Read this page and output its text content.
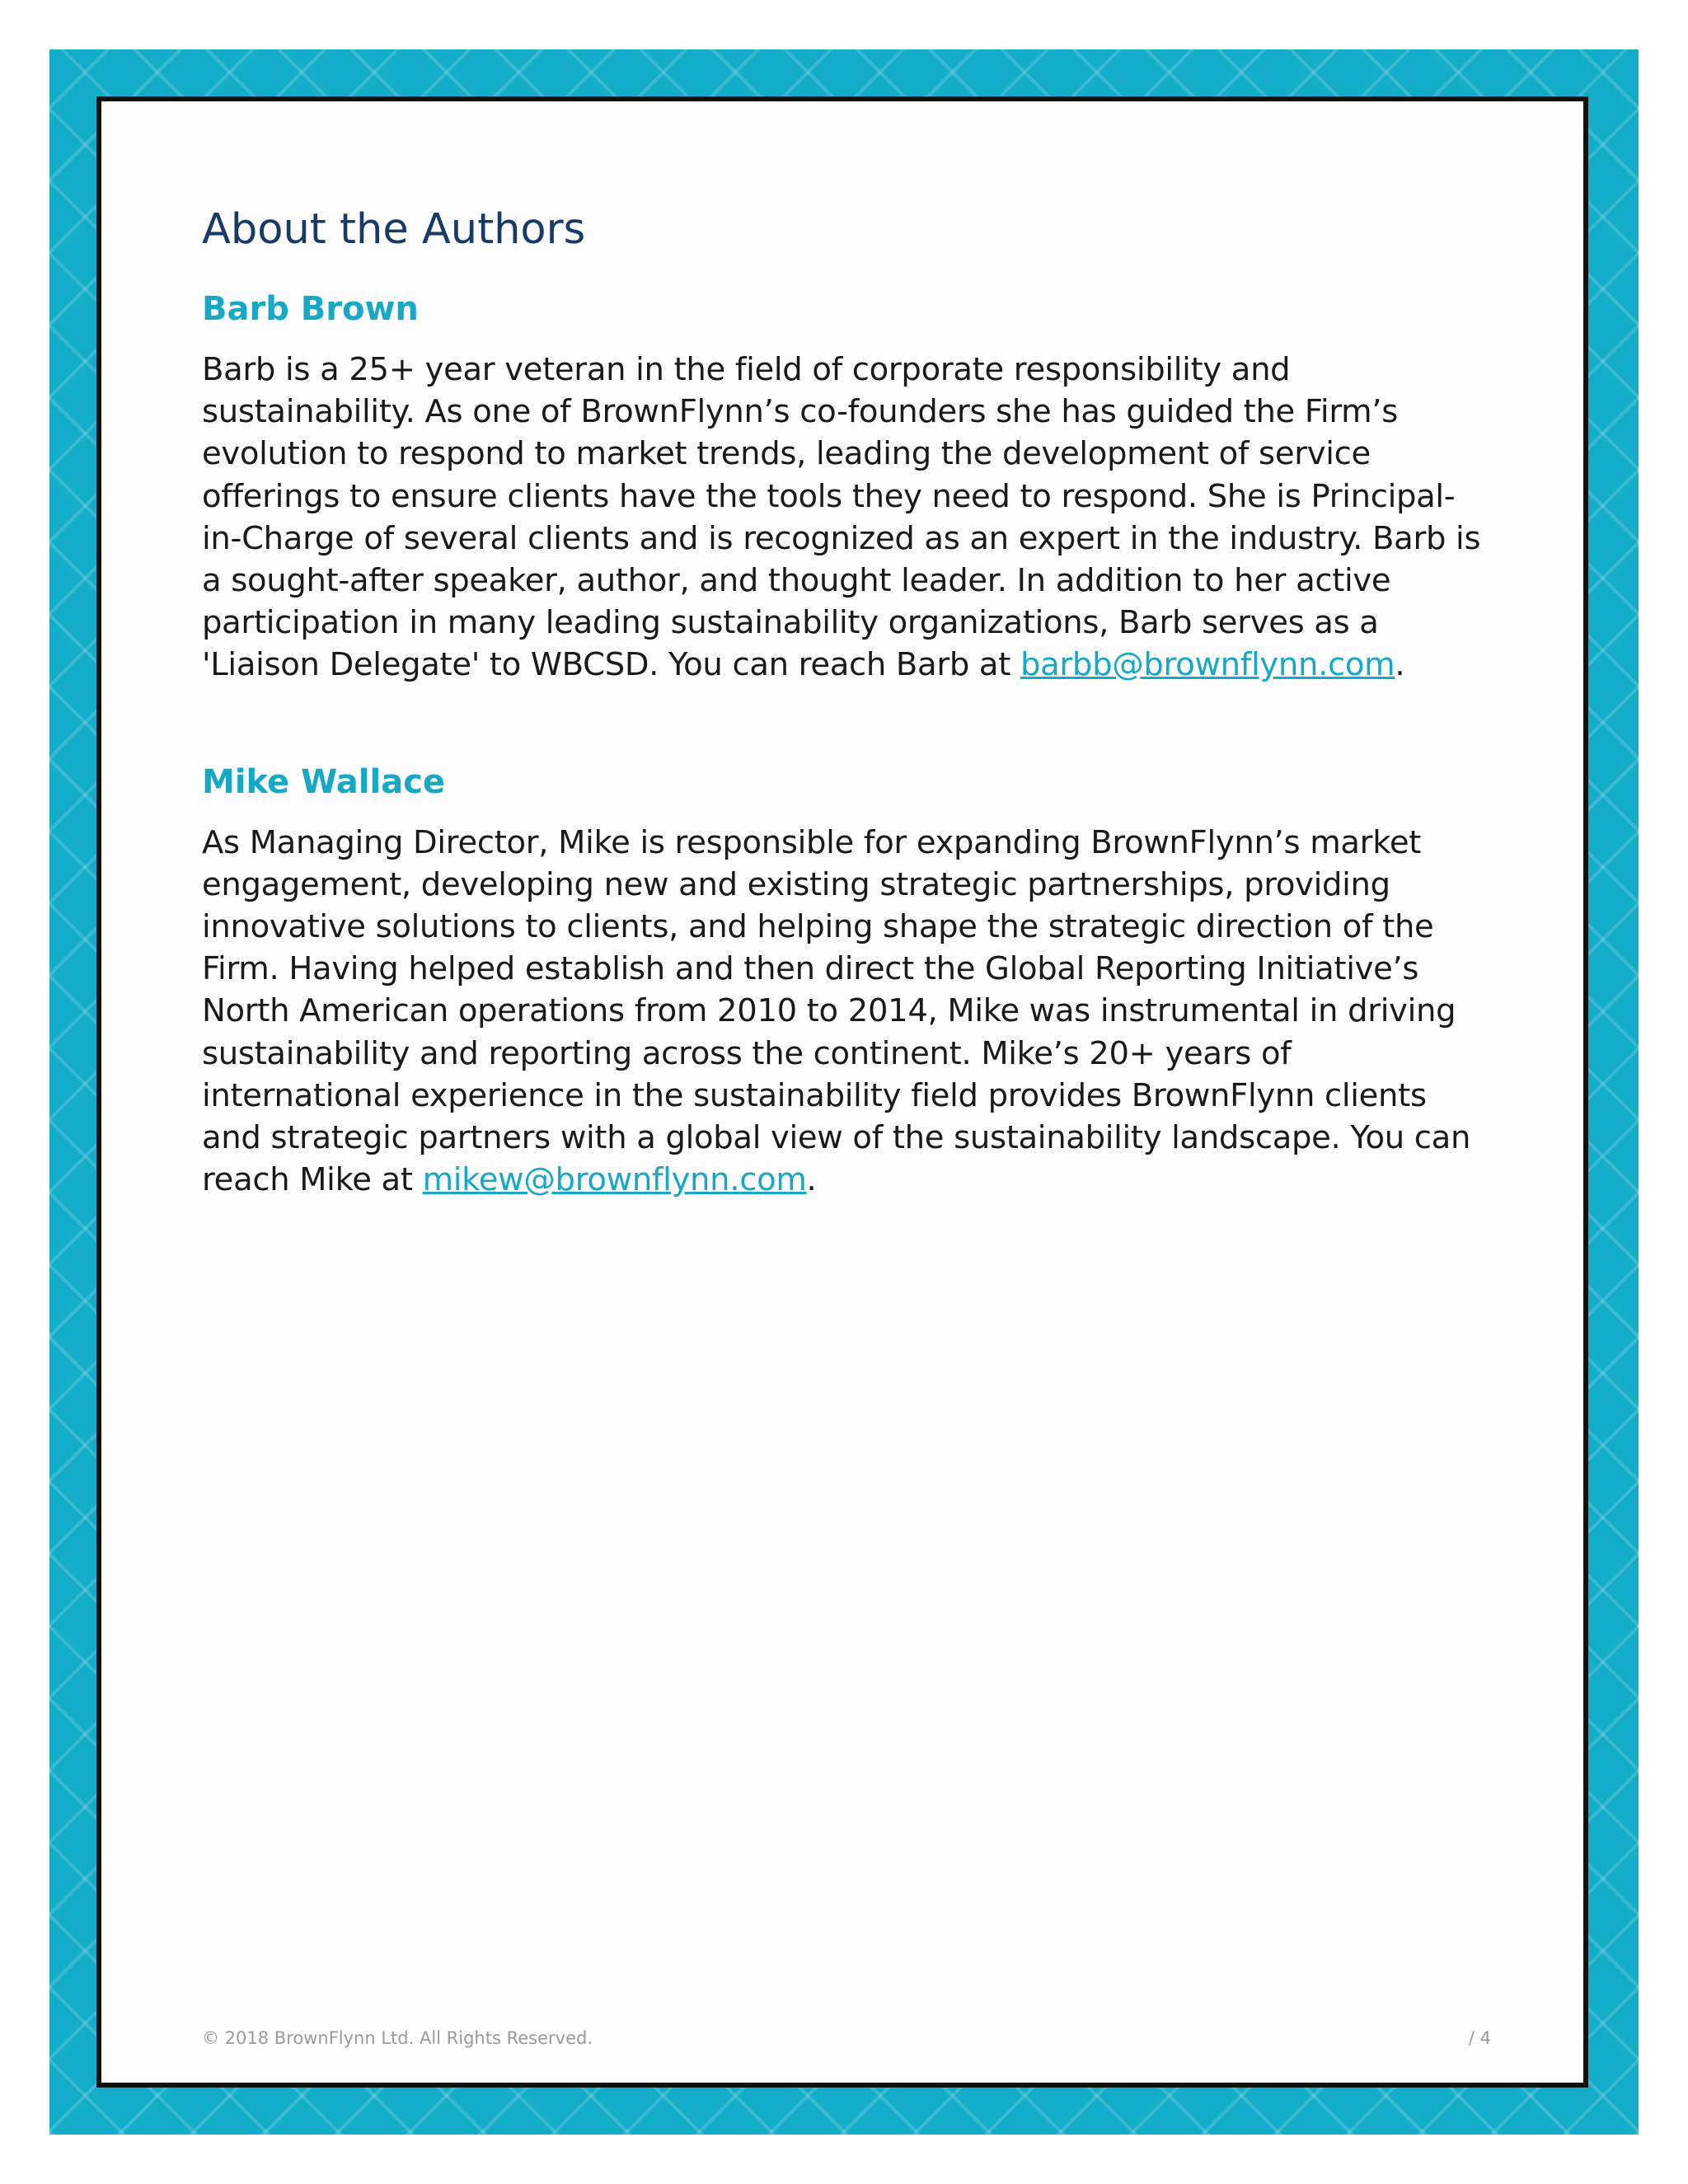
About the Authors
Barb Brown

Barb is a 25+ year veteran in the field of corporate responsibility and sustainability. As one of BrownFlynn’s co-founders she has guided the Firm’s evolution to respond to market trends, leading the development of service offerings to ensure clients have the tools they need to respond. She is Principal-in-Charge of several clients and is recognized as an expert in the industry. Barb is a sought-after speaker, author, and thought leader. In addition to her active participation in many leading sustainability organizations, Barb serves as a 'Liaison Delegate' to WBCSD. You can reach Barb at barbb@brownflynn.com.

Mike Wallace

As Managing Director, Mike is responsible for expanding BrownFlynn’s market engagement, developing new and existing strategic partnerships, providing innovative solutions to clients, and helping shape the strategic direction of the Firm. Having helped establish and then direct the Global Reporting Initiative’s North American operations from 2010 to 2014, Mike was instrumental in driving sustainability and reporting across the continent. Mike’s 20+ years of international experience in the sustainability field provides BrownFlynn clients and strategic partners with a global view of the sustainability landscape. You can reach Mike at mikew@brownflynn.com.

© 2018 BrownFlynn Ltd. All Rights Reserved.	/ 4
